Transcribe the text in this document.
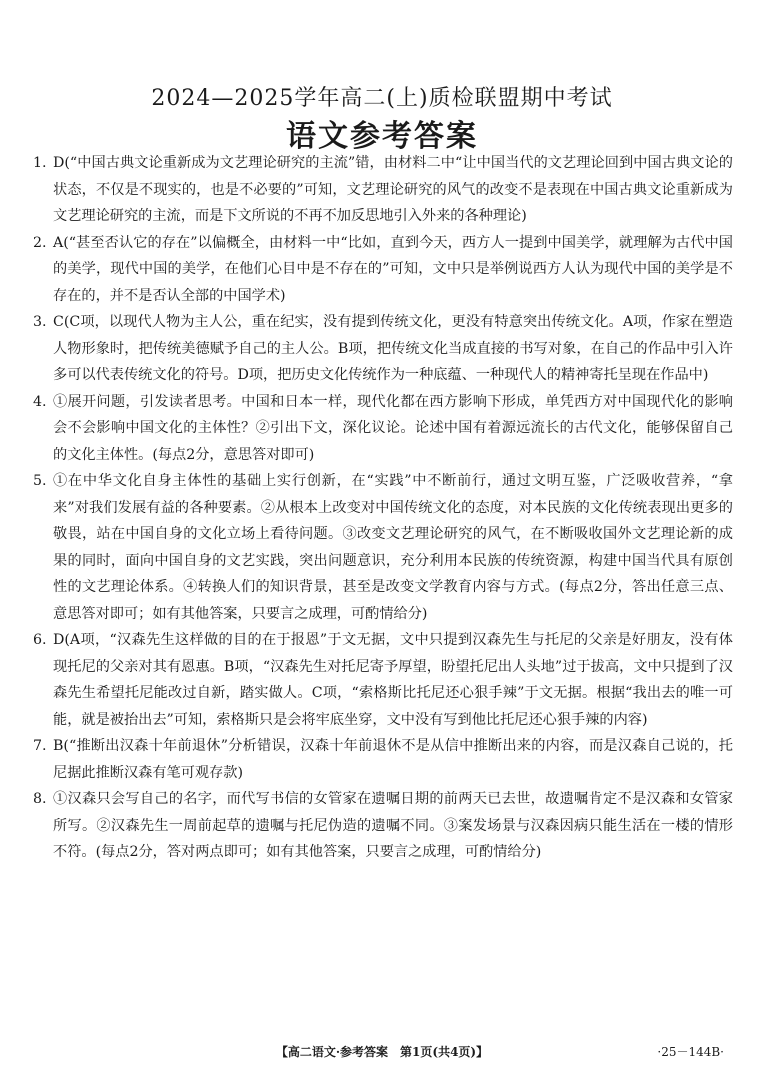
2024—2025学年高二(上)质检联盟期中考试
语文参考答案
1. D(“中国古典文论重新成为文艺理论研究的主流”错，由材料二中“让中国当代的文艺理论回到中国古典文论的状态，不仅是不现实的，也是不必要的”可知，文艺理论研究的风气的改变不是表现在中国古典文论重新成为文艺理论研究的主流，而是下文所说的不再不加反思地引入外来的各种理论)
2. A(“甚至否认它的存在”以偏概全，由材料一中“比如，直到今天，西方人一提到中国美学，就理解为古代中国的美学，现代中国的美学，在他们心目中是不存在的”可知，文中只是举例说西方人认为现代中国的美学是不存在的，并不是否认全部的中国学术)
3. C(C项，以现代人物为主人公，重在纪实，没有提到传统文化，更没有特意突出传统文化。A项，作家在塑造人物形象时，把传统美德赋予自己的主人公。B项，把传统文化当成直接的书写对象，在自己的作品中引入许多可以代表传统文化的符号。D项，把历史文化传统作为一种底蕴、一种现代人的精神寄托呈现在作品中)
4. ①展开问题，引发读者思考。中国和日本一样，现代化都在西方影响下形成，单凭西方对中国现代化的影响会不会影响中国文化的主体性？②引出下文，深化议论。论述中国有着源远流长的古代文化，能够保留自己的文化主体性。(每点2分，意思答对即可)
5. ①在中华文化自身主体性的基础上实行创新，在“实践”中不断前行，通过文明互鉴，广泛吸收营养，“拿来”对我们发展有益的各种要素。②从根本上改变对中国传统文化的态度，对本民族的文化传统表现出更多的敬畏，站在中国自身的文化立场上看待问题。③改变文艺理论研究的风气，在不断吸收国外文艺理论新的成果的同时，面向中国自身的文艺实践，突出问题意识，充分利用本民族的传统资源，构建中国当代具有原创性的文艺理论体系。④转换人们的知识背景，甚至是改变文学教育内容与方式。(每点2分，答出任意三点、意思答对即可；如有其他答案，只要言之成理，可酌情给分)
6. D(A项，“汉森先生这样做的目的在于报恩”于文无据，文中只提到汉森先生与托尼的父亲是好朋友，没有体现托尼的父亲对其有恩惠。B项，“汉森先生对托尼寄予厚望，盼望托尼出人头地”过于拔高，文中只提到了汉森先生希望托尼能改过自新，踏实做人。C项，“索格斯比托尼还心狠手辣”于文无据。根据“我出去的唯一可能，就是被抬出去”可知，索格斯只是会将牢底坐穿，文中没有写到他比托尼还心狠手辣的内容)
7. B(“推断出汉森十年前退休”分析错误，汉森十年前退休不是从信中推断出来的内容，而是汉森自己说的，托尼据此推断汉森有笔可观存款)
8. ①汉森只会写自己的名字，而代写书信的女管家在遗嘱日期的前两天已去世，故遗嘱肯定不是汉森和女管家所写。②汉森先生一周前起草的遗嘱与托尼伪造的遗嘱不同。③案发场景与汉森因病只能生活在一楼的情形不符。(每点2分，答对两点即可；如有其他答案，只要言之成理，可酌情给分)
【高二语文·参考答案　第1页(共4页)】	·25－144B·
